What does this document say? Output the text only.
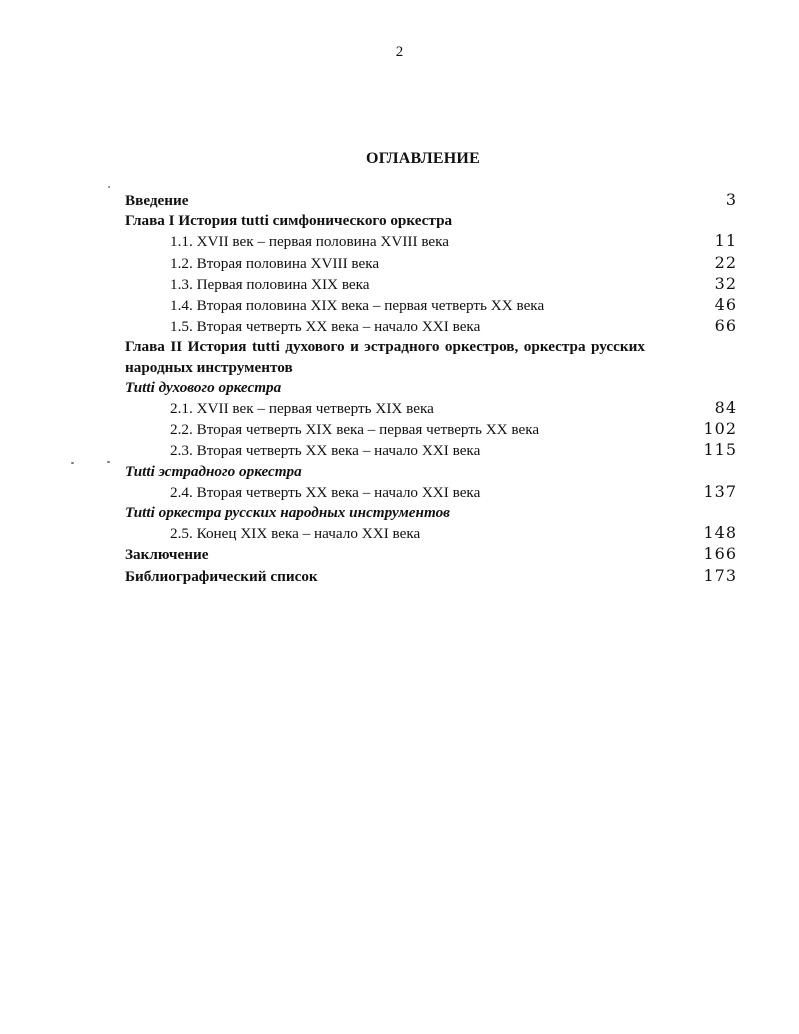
2
ОГЛАВЛЕНИЕ
Введение	3
Глава I История tutti симфонического оркестра
1.1. XVII век – первая половина XVIII века	11
1.2. Вторая половина XVIII века	22
1.3. Первая половина XIX века	32
1.4. Вторая половина XIX века – первая четверть XX века	46
1.5. Вторая четверть XX века – начало XXI века	66
Глава II История tutti духового и эстрадного оркестров, оркестра русских народных инструментов
Tutti духового оркестра
2.1. XVII век – первая четверть XIX века	84
2.2. Вторая четверть XIX века – первая четверть XX века	102
2.3. Вторая четверть XX века – начало XXI века	115
Tutti эстрадного оркестра
2.4. Вторая четверть XX века – начало XXI века	137
Tutti оркестра русских народных инструментов
2.5. Конец XIX века – начало XXI века	148
Заключение	166
Библиографический список	173
